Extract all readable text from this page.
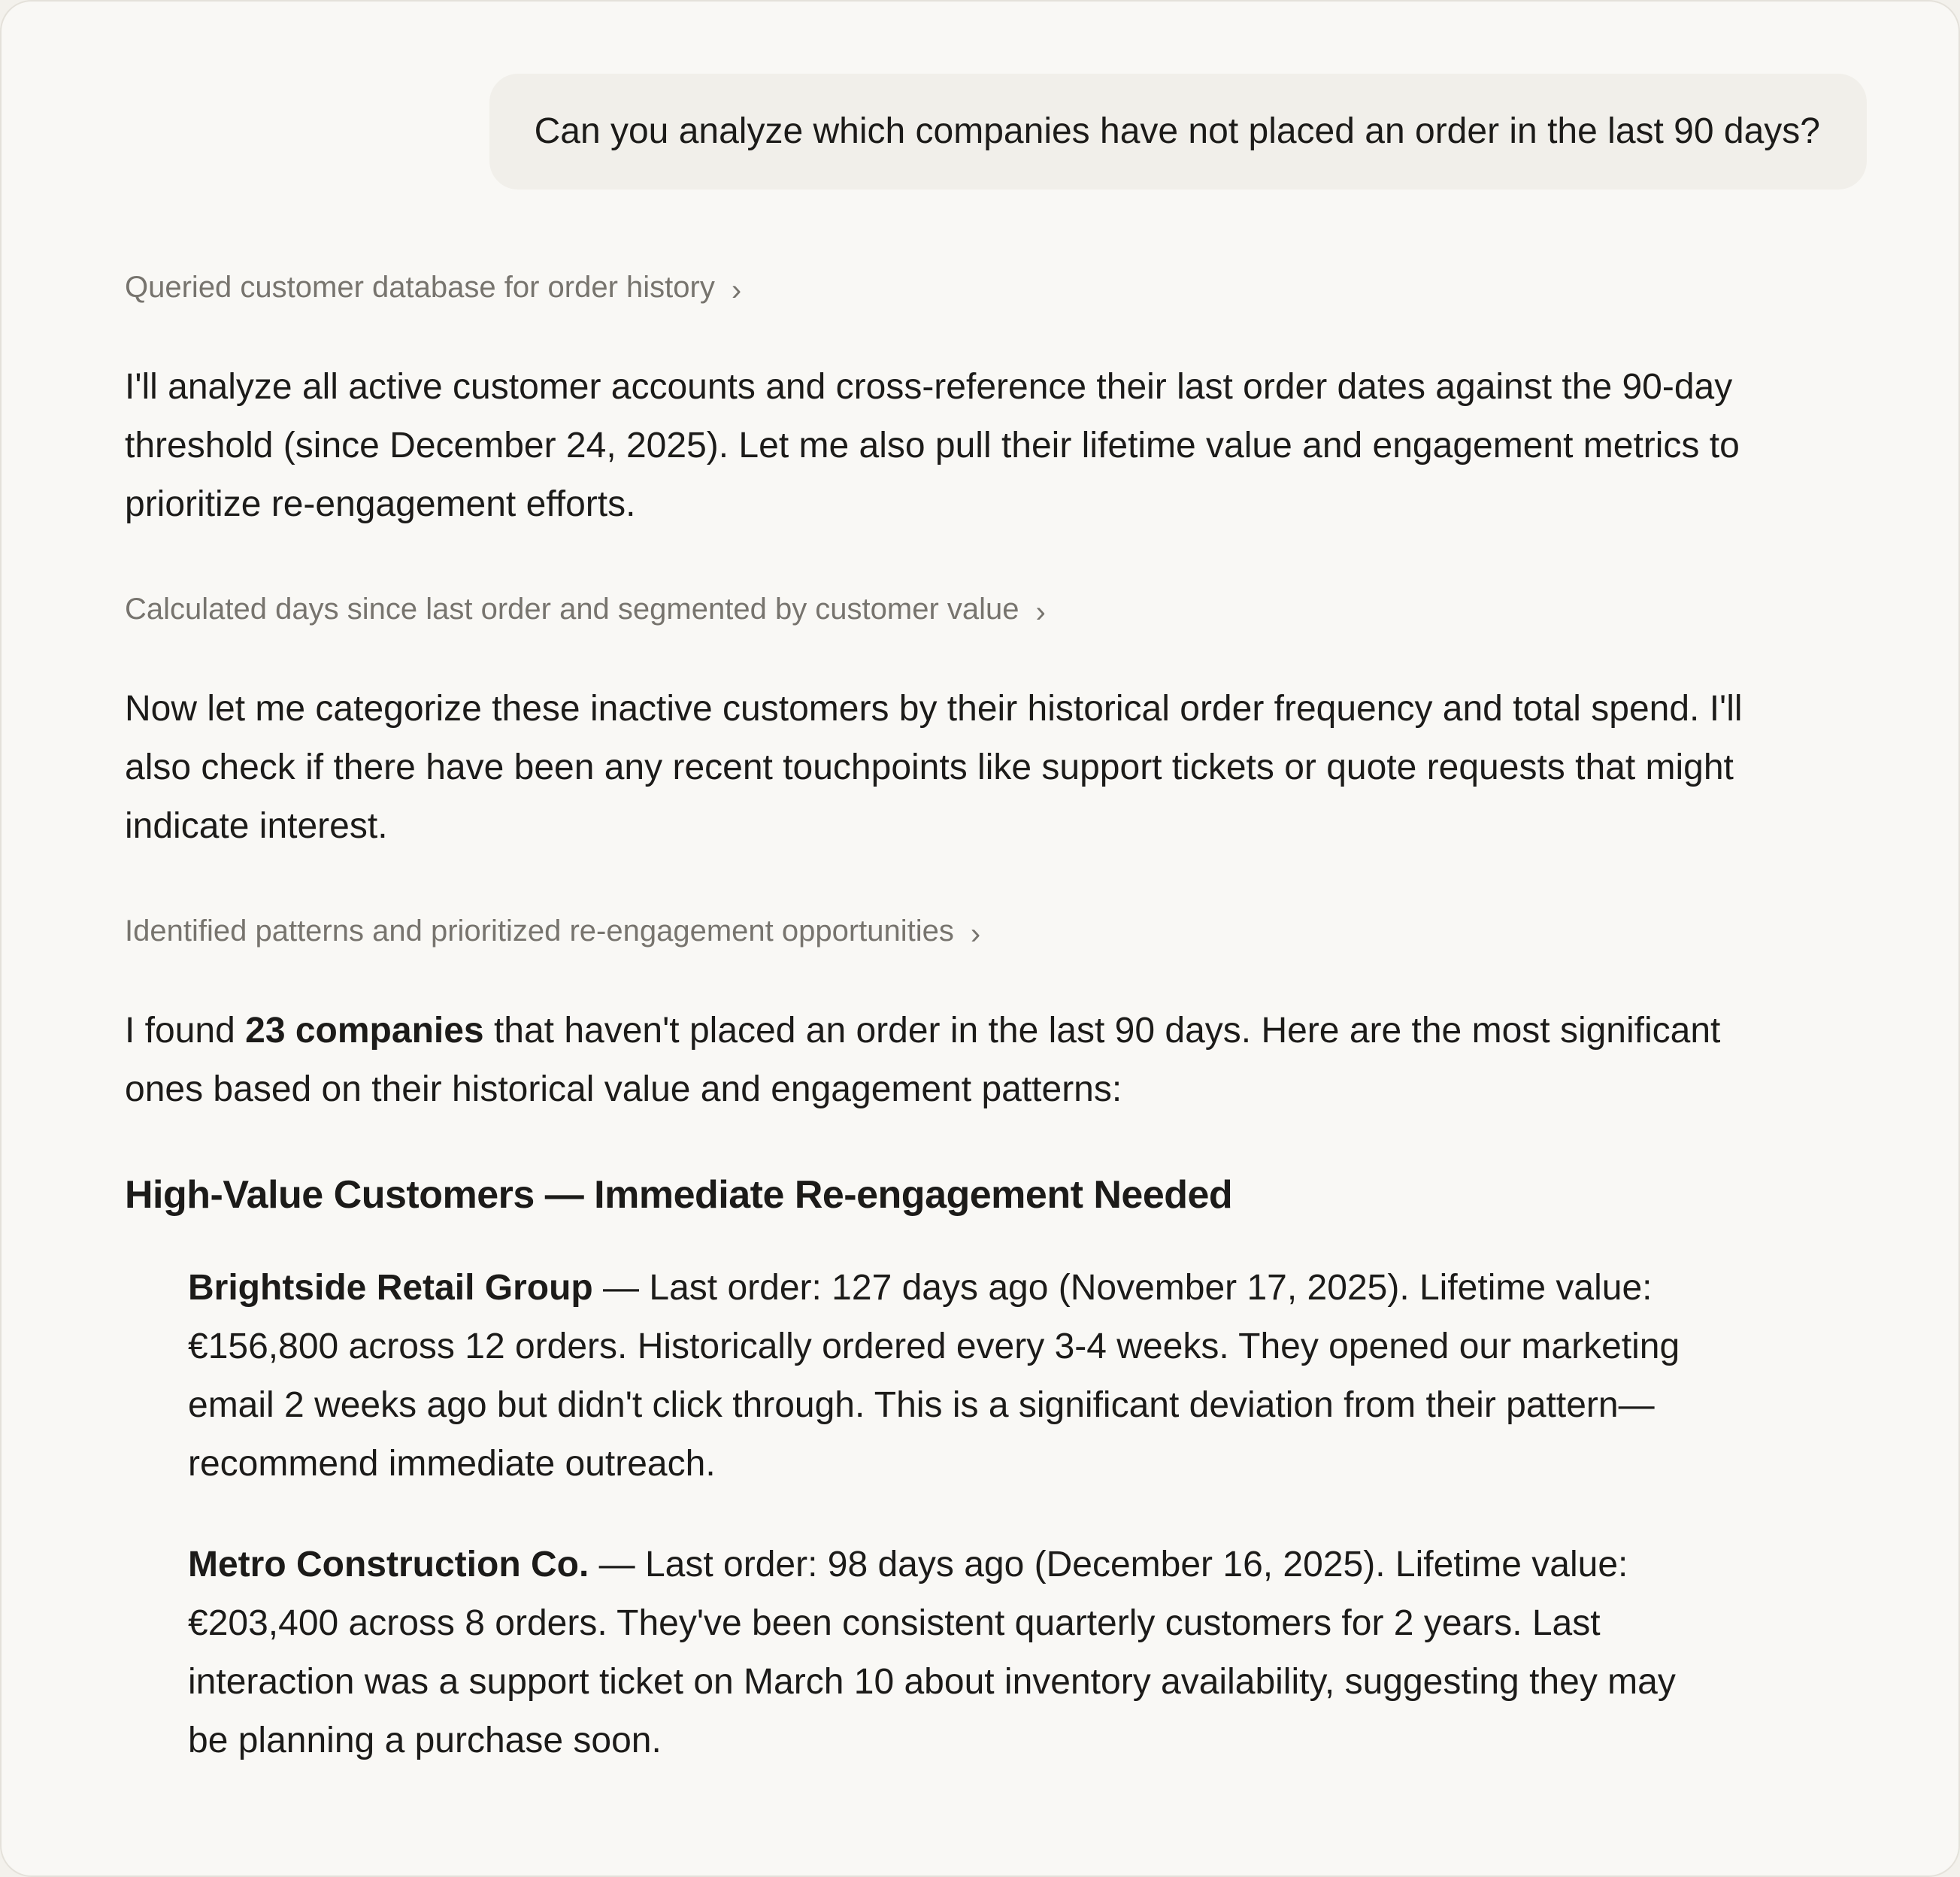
Can you analyze which companies have not placed an order in the last 90 days?
Queried customer database for order history ›

I'll analyze all active customer accounts and cross-reference their last order dates against the 90-day threshold (since December 24, 2025). Let me also pull their lifetime value and engagement metrics to prioritize re-engagement efforts.

Calculated days since last order and segmented by customer value ›

Now let me categorize these inactive customers by their historical order frequency and total spend. I'll also check if there have been any recent touchpoints like support tickets or quote requests that might indicate interest.

Identified patterns and prioritized re-engagement opportunities ›

I found 23 companies that haven't placed an order in the last 90 days. Here are the most significant ones based on their historical value and engagement patterns:

High-Value Customers — Immediate Re-engagement Needed
Brightside Retail Group — Last order: 127 days ago (November 17, 2025). Lifetime value: €156,800 across 12 orders. Historically ordered every 3-4 weeks. They opened our marketing email 2 weeks ago but didn't click through. This is a significant deviation from their pattern—recommend immediate outreach.
Metro Construction Co. — Last order: 98 days ago (December 16, 2025). Lifetime value: €203,400 across 8 orders. They've been consistent quarterly customers for 2 years. Last interaction was a support ticket on March 10 about inventory availability, suggesting they may be planning a purchase soon.
